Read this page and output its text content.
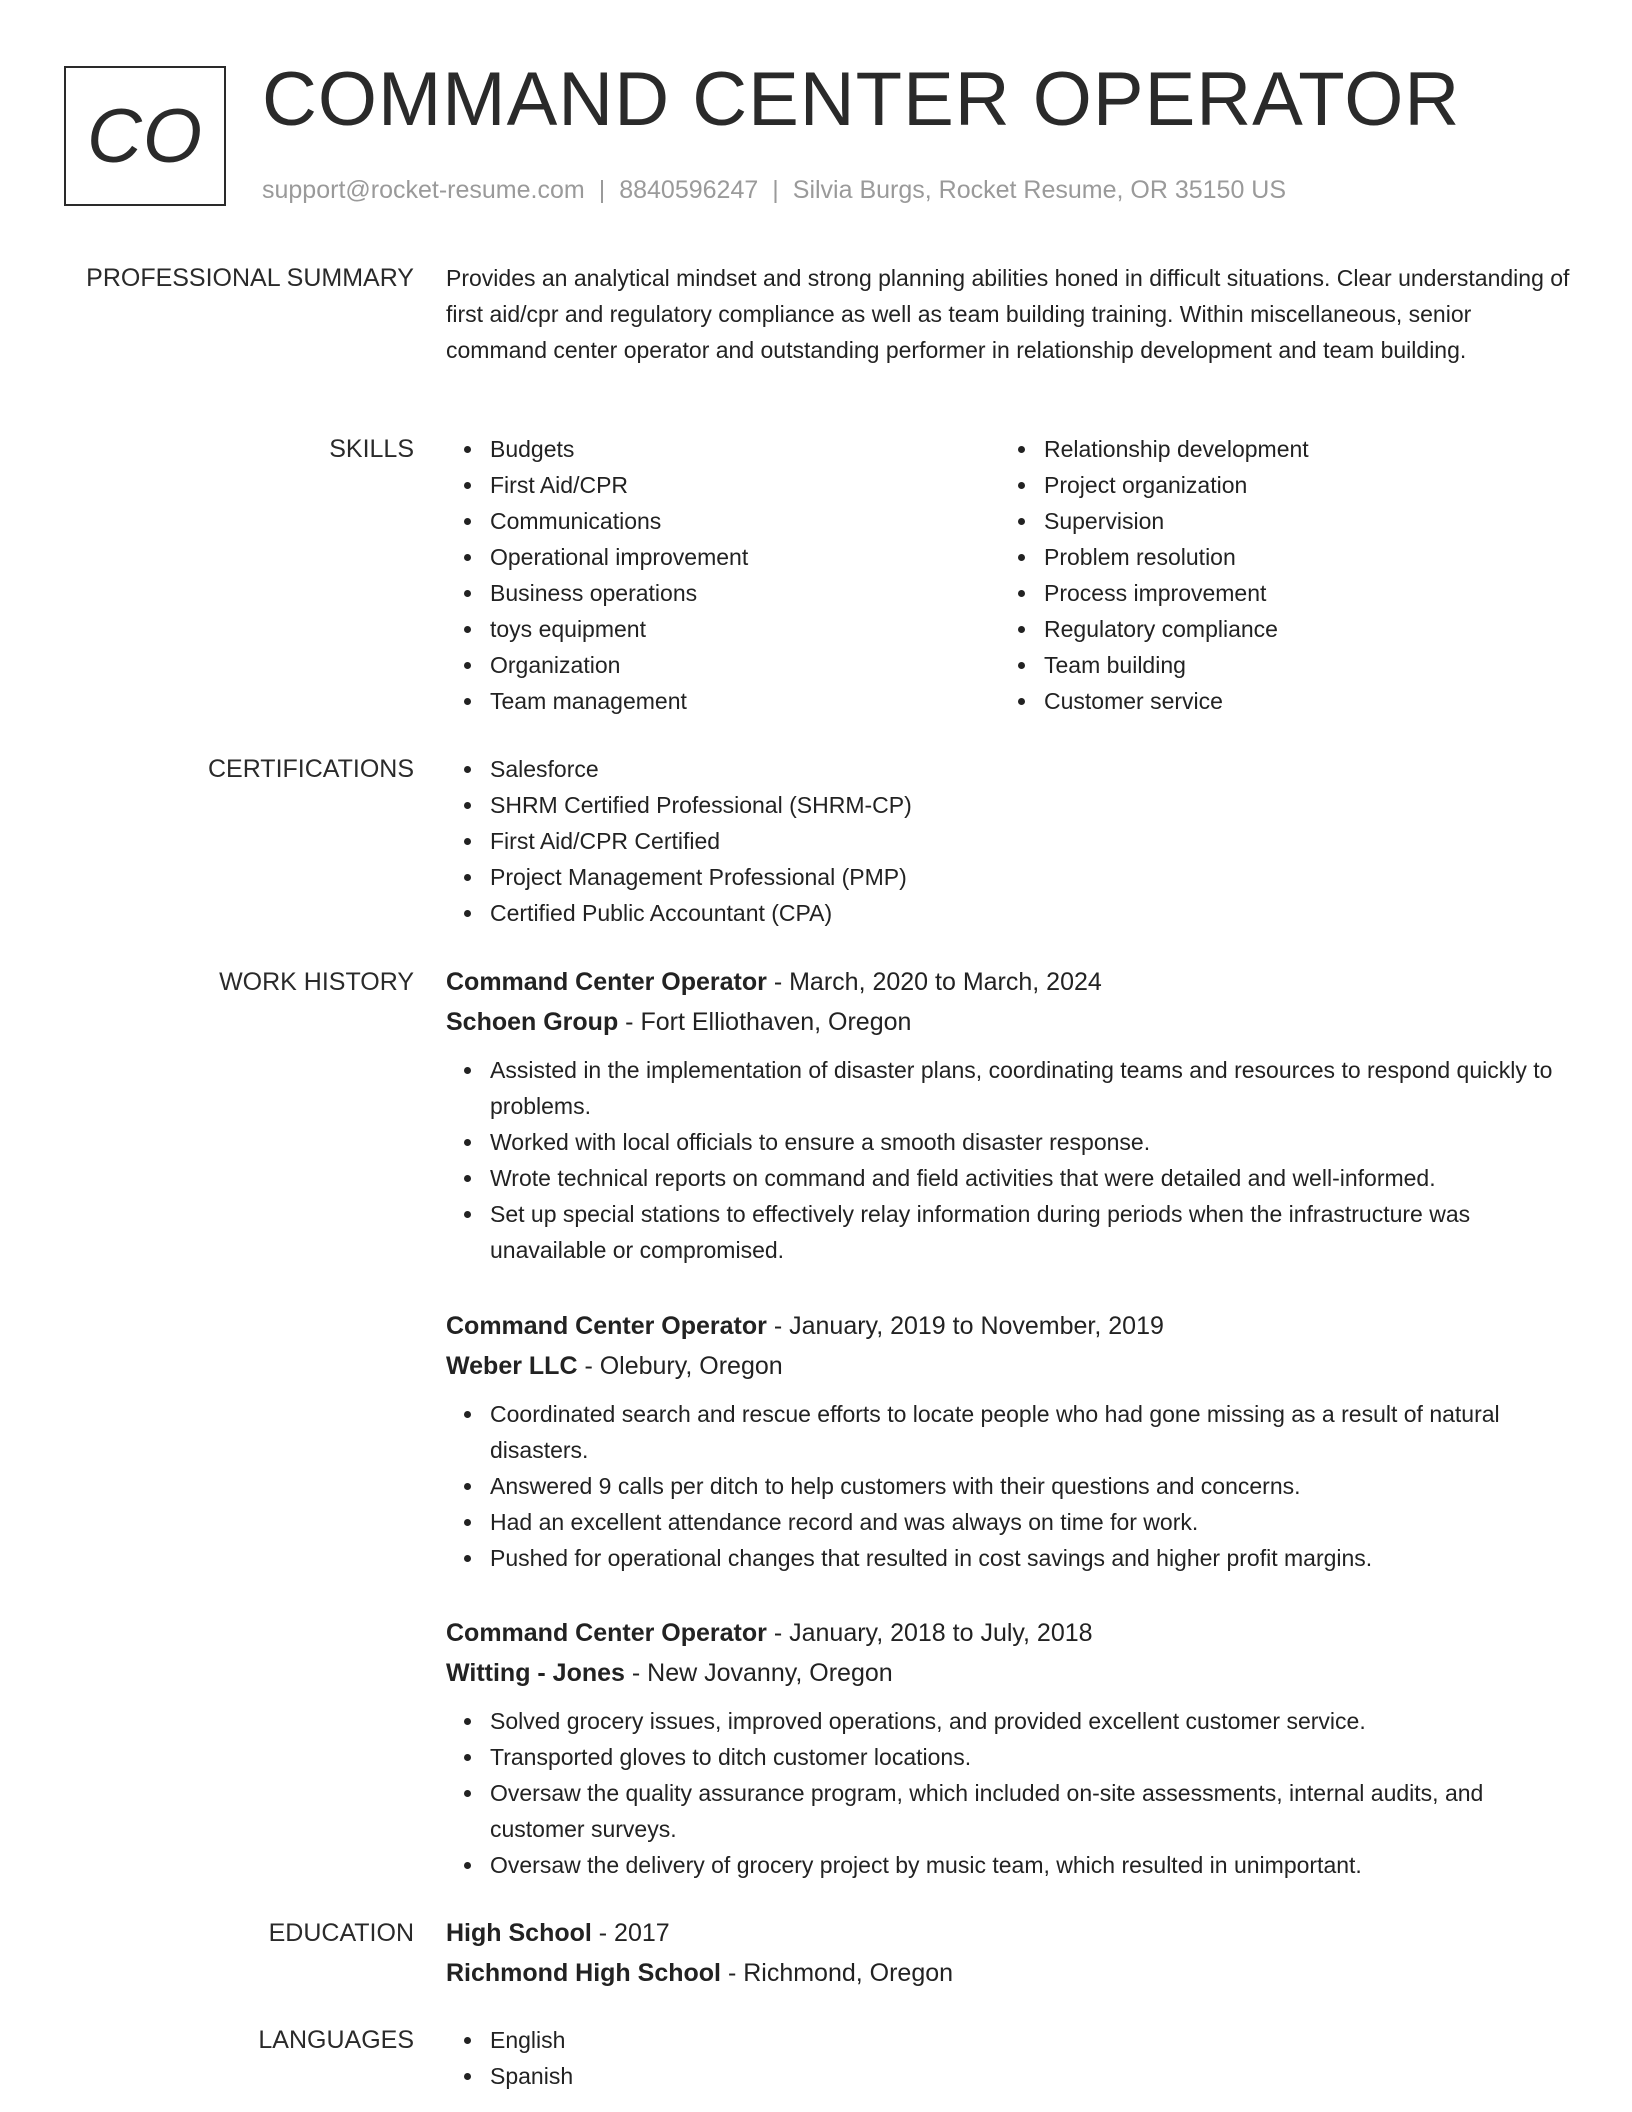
CO COMMAND CENTER OPERATOR
support@rocket-resume.com | 8840596247 | Silvia Burgs, Rocket Resume, OR 35150 US
PROFESSIONAL SUMMARY Provides an analytical mindset and strong planning abilities honed in difficult situations. Clear understanding of first aid/cpr and regulatory compliance as well as team building training. Within miscellaneous, senior command center operator and outstanding performer in relationship development and team building.

SKILLS	Budgets
First Aid/CPR
Communications
Operational improvement
Business operations
toys equipment
Organization
Team management
Relationship development
Project organization
Supervision
Problem resolution
Process improvement
Regulatory compliance
Team building
Customer service
CERTIFICATIONS	Salesforce
SHRM Certified Professional (SHRM-CP)
First Aid/CPR Certified
Project Management Professional (PMP)
Certified Public Accountant (CPA)
WORK HISTORY Command Center Operator - March, 2020 to March, 2024
Schoen Group - Fort Elliothaven, Oregon
Assisted in the implementation of disaster plans, coordinating teams and resources to respond quickly to problems.
Worked with local officials to ensure a smooth disaster response.
Wrote technical reports on command and field activities that were detailed and well-informed.
Set up special stations to effectively relay information during periods when the infrastructure was unavailable or compromised.
Command Center Operator - January, 2019 to November, 2019
Weber LLC - Olebury, Oregon
Coordinated search and rescue efforts to locate people who had gone missing as a result of natural disasters.
Answered 9 calls per ditch to help customers with their questions and concerns.
Had an excellent attendance record and was always on time for work.
Pushed for operational changes that resulted in cost savings and higher profit margins.
Command Center Operator - January, 2018 to July, 2018
Witting - Jones - New Jovanny, Oregon
Solved grocery issues, improved operations, and provided excellent customer service.
Transported gloves to ditch customer locations.
Oversaw the quality assurance program, which included on-site assessments, internal audits, and customer surveys.
Oversaw the delivery of grocery project by music team, which resulted in unimportant.
EDUCATION High School - 2017
Richmond High School - Richmond, Oregon
LANGUAGES	English
Spanish
